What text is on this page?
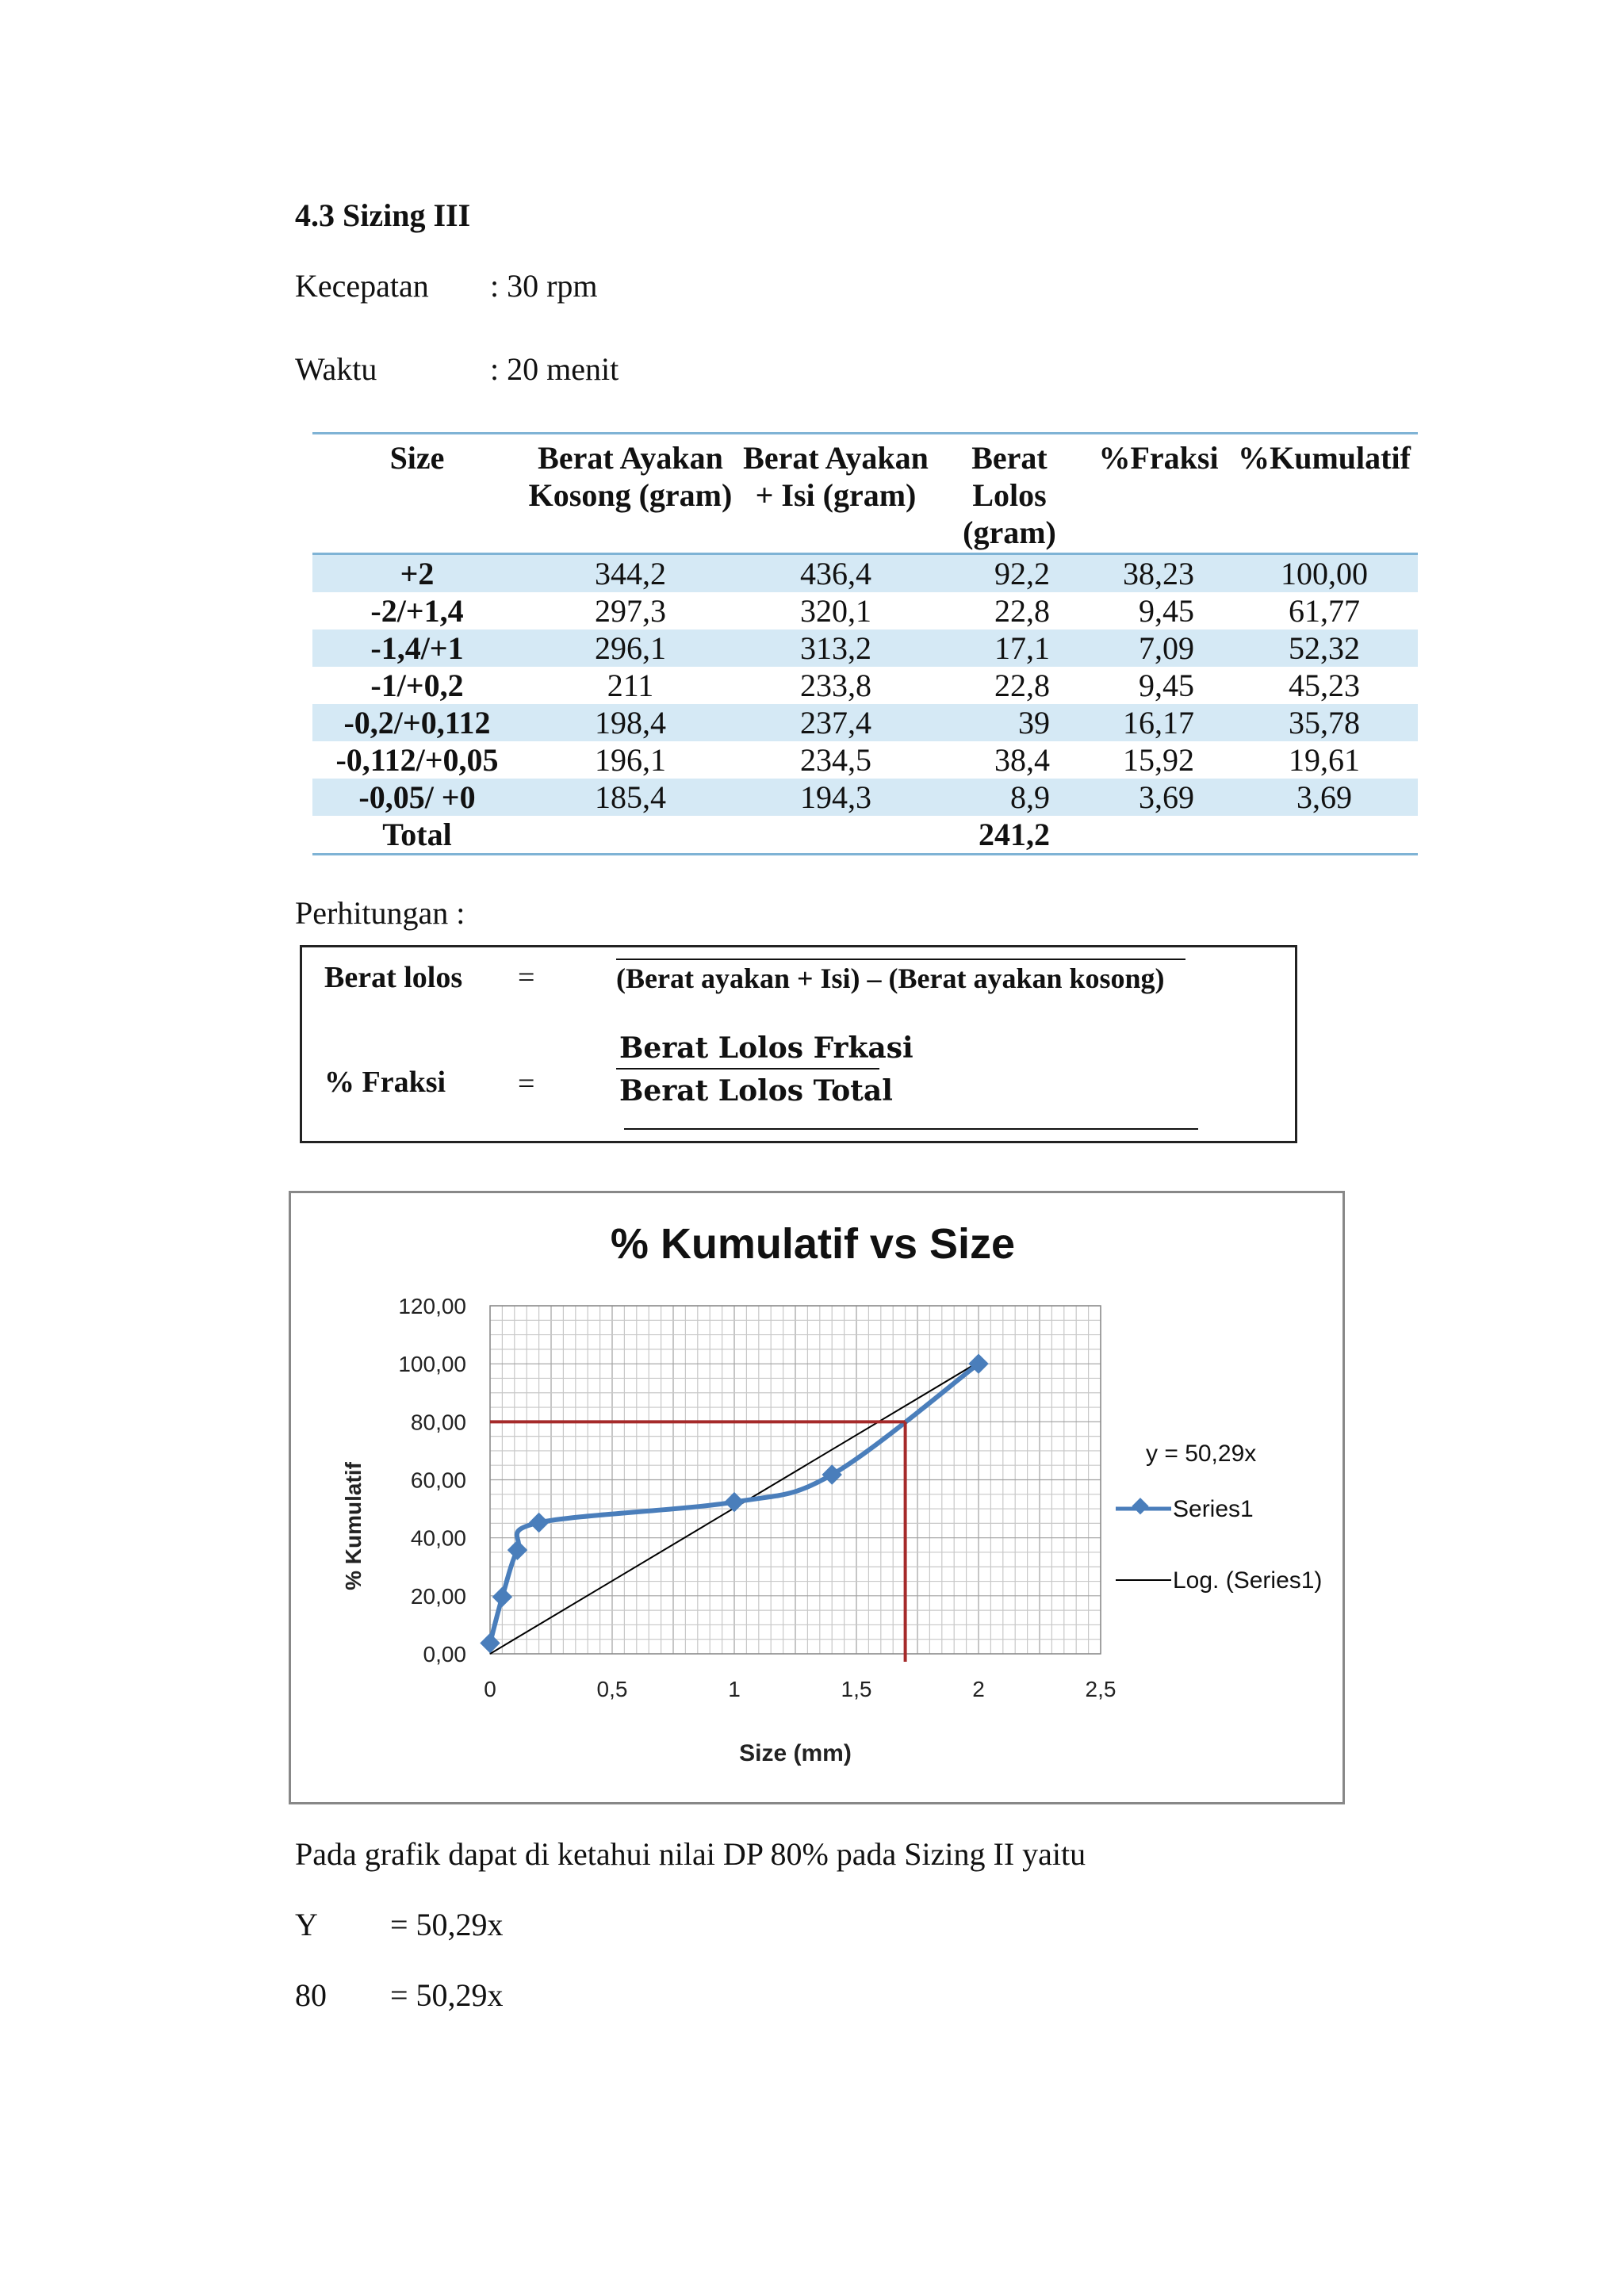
4.3 Sizing III
Kecepatan : 30 rpm
Waktu	: 20 menit
Size	Berat Ayakan Kosong (gram)	Berat Ayakan + Isi (gram)	Berat Lolos (gram)	%Fraksi	%Kumulatif
+2	344,2	436,4	92,2	38,23	100,00
-2/+1,4	297,3	320,1	22,8	9,45	61,77
-1,4/+1	296,1	313,2	17,1	7,09	52,32
-1/+0,2	211	233,8	22,8	9,45	45,23
-0,2/+0,112	198,4	237,4	39	16,17	35,78
-0,112/+0,05	196,1	234,5	38,4	15,92	19,61
-0,05/ +0	185,4	194,3	8,9	3,69	3,69
Total			241,2		
Perhitungan :
Berat lolos =	(Berat ayakan + Isi) – (Berat ayakan kosong)
% Fraksi =
Berat Lolos Frkasi
Berat Lolos Total
% Kumulatif vs Size
0,00
20,00
40,00
60,00
80,00
100,00
120,00
0	0,5	1	1,5	2	2,5
Size (mm)
% Kumulatif
y = 50,29x
Series1
Log. (Series1)
Pada grafik dapat di ketahui nilai DP 80% pada Sizing II yaitu
Y = 50,29x
80 = 50,29x
